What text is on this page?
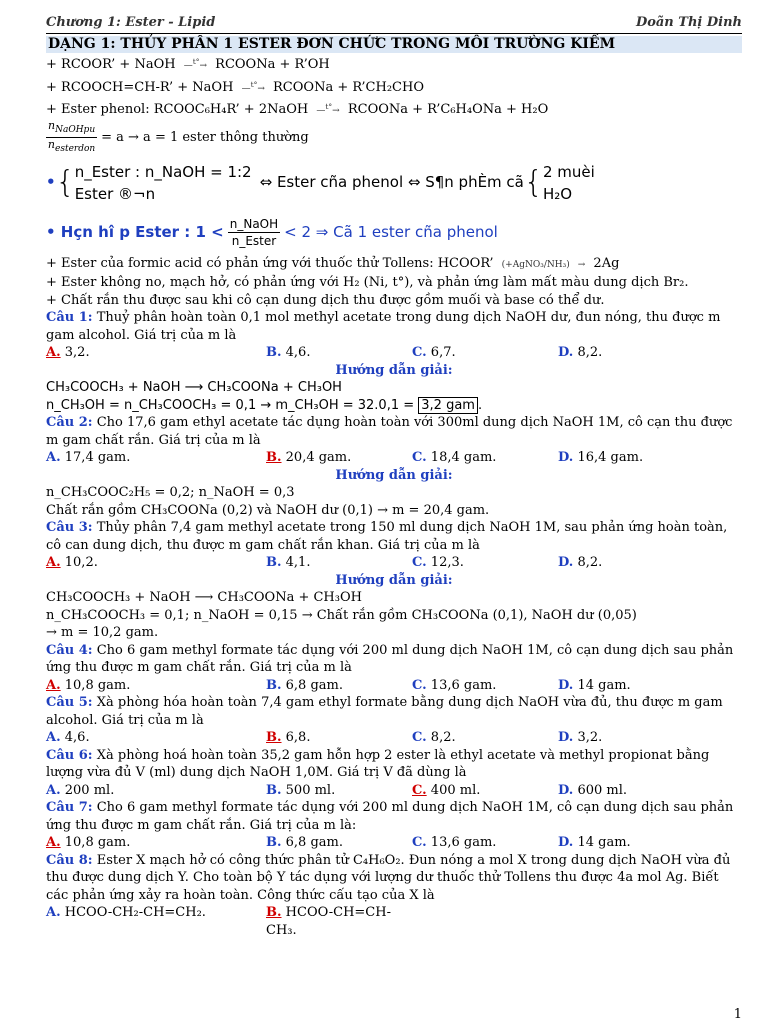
Chương 1: Ester - Lipid	Doãn Thị Dinh
DẠNG 1: THỦY PHÂN 1 ESTER ĐƠN CHỨC TRONG MÔI TRƯỜNG KIỀM
+ RCOOR’ + NaOH —$^{t^\circ}$→ RCOONa + R’OH
+ RCOOCH=CH-R’ + NaOH —$^{t^\circ}$→ RCOONa + R’CH₂CHO
+ Ester phenol: RCOOC₆H₄R’ + 2NaOH —$^{t^\circ}$→ RCOONa + R’C₆H₄ONa + H₂O
$n_{NaOHpu}$
$n_{esterdon}$
= a → a = 1 ester thông thường
• { n_Ester : n_NaOH = 1:2
Ester ®¬n
⇔ Ester cña phenol ⇔ S¶n phÈm cã { 2 muèi
H₂O
• Hçn hî p Ester : 1 < n_NaOH
n_Ester
< 2 ⇒ Cã 1 ester cña phenol
+ Ester của formic acid có phản ứng với thuốc thử Tollens: HCOOR’ (+AgNO₃/NH₃) → 2Ag
+ Ester không no, mạch hở, có phản ứng với H₂ (Ni, t°), và phản ứng làm mất màu dung dịch Br₂.
+ Chất rắn thu được sau khi cô cạn dung dịch thu được gồm muối và base có thể dư.
Câu 1: Thuỷ phân hoàn toàn 0,1 mol methyl acetate trong dung dịch NaOH dư, đun nóng, thu được m gam alcohol. Giá trị của m là
A. 3,2.	B. 4,6.	C. 6,7.	D. 8,2.
Hướng dẫn giải:
CH₃COOCH₃ + NaOH ⟶ CH₃COONa + CH₃OH
n_CH₃OH = n_CH₃COOCH₃ = 0,1 → m_CH₃OH = 32.0,1 = 3,2 gam .
Câu 2: Cho 17,6 gam ethyl acetate tác dụng hoàn toàn với 300ml dung dịch NaOH 1M, cô cạn thu được m gam chất rắn. Giá trị của m là
A. 17,4 gam.	B. 20,4 gam.	C. 18,4 gam.	D. 16,4 gam.
Hướng dẫn giải:
n_CH₃COOC₂H₅ = 0,2; n_NaOH = 0,3
Chất rắn gồm CH₃COONa (0,2) và NaOH dư (0,1) → m = 20,4 gam.
Câu 3: Thủy phân 7,4 gam methyl acetate trong 150 ml dung dịch NaOH 1M, sau phản ứng hoàn toàn, cô can dung dịch, thu được m gam chất rắn khan. Giá trị của m là
A. 10,2.	B. 4,1.	C. 12,3.	D. 8,2.
Hướng dẫn giải:
CH₃COOCH₃ + NaOH ⟶ CH₃COONa + CH₃OH
n_CH₃COOCH₃ = 0,1; n_NaOH = 0,15 → Chất rắn gồm CH₃COONa (0,1), NaOH dư (0,05)
→ m = 10,2 gam.
Câu 4: Cho 6 gam methyl formate tác dụng với 200 ml dung dịch NaOH 1M, cô cạn dung dịch sau phản ứng thu được m gam chất rắn. Giá trị của m là
A. 10,8 gam.	B. 6,8 gam.	C. 13,6 gam.	D. 14 gam.
Câu 5: Xà phòng hóa hoàn toàn 7,4 gam ethyl formate bằng dung dịch NaOH vừa đủ, thu được m gam alcohol. Giá trị của m là
A. 4,6.	B. 6,8.	C. 8,2.	D. 3,2.
Câu 6: Xà phòng hoá hoàn toàn 35,2 gam hỗn hợp 2 ester là ethyl acetate và methyl propionat bằng lượng vừa đủ V (ml) dung dịch NaOH 1,0M. Giá trị V đã dùng là
A. 200 ml.	B. 500 ml.	C. 400 ml.	D. 600 ml.
Câu 7: Cho 6 gam methyl formate tác dụng với 200 ml dung dịch NaOH 1M, cô cạn dung dịch sau phản ứng thu được m gam chất rắn. Giá trị của m là:
A. 10,8 gam.	B. 6,8 gam.	C. 13,6 gam.	D. 14 gam.
Câu 8: Ester X mạch hở có công thức phân tử C₄H₆O₂. Đun nóng a mol X trong dung dịch NaOH vừa đủ thu được dung dịch Y. Cho toàn bộ Y tác dụng với lượng dư thuốc thử Tollens thu được 4a mol Ag. Biết các phản ứng xảy ra hoàn toàn. Công thức cấu tạo của X là
A. HCOO-CH₂-CH=CH₂.	B. HCOO-CH=CH-CH₃.
1
